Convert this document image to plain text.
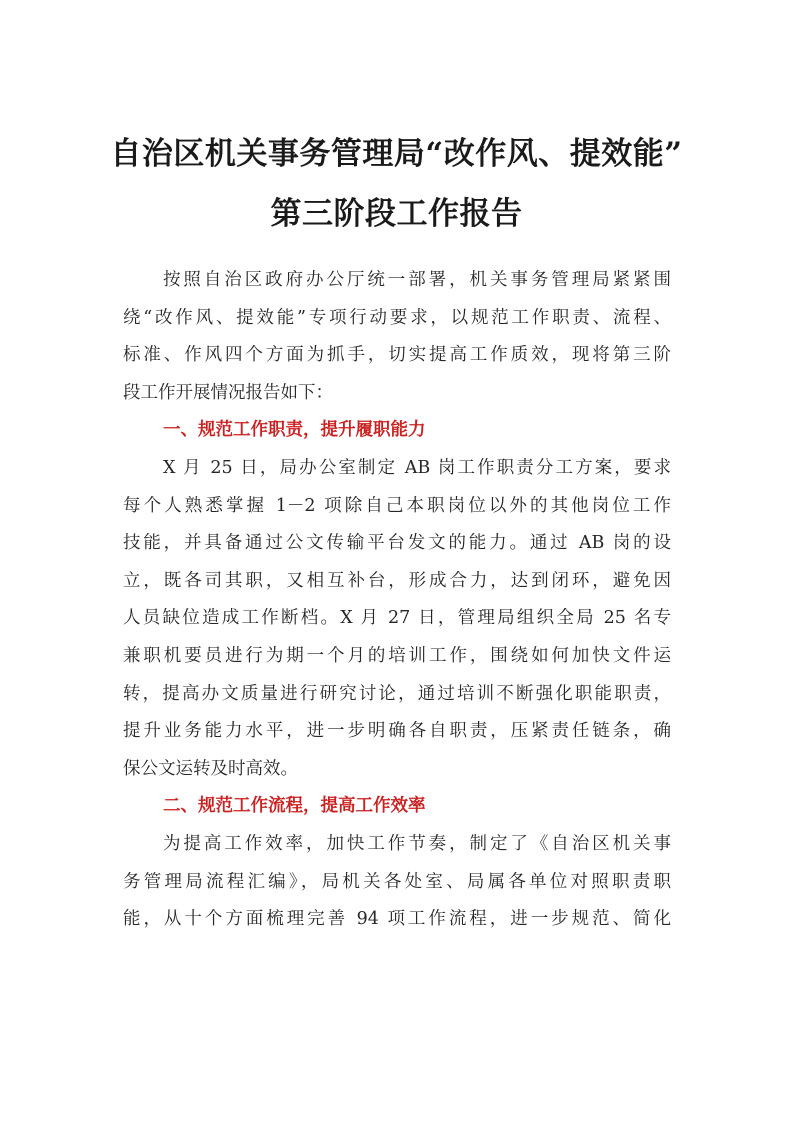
自治区机关事务管理局“改作风、提效能”
第三阶段工作报告
按照自治区政府办公厅统一部署，机关事务管理局紧紧围
绕“改作风、提效能”专项行动要求，以规范工作职责、流程、
标准、作风四个方面为抓手，切实提高工作质效，现将第三阶
段工作开展情况报告如下：
一、规范工作职责，提升履职能力
X 月 25 日，局办公室制定 AB 岗工作职责分工方案，要求
每个人熟悉掌握 1－2 项除自己本职岗位以外的其他岗位工作
技能，并具备通过公文传输平台发文的能力。通过 AB 岗的设
立，既各司其职，又相互补台，形成合力，达到闭环，避免因
人员缺位造成工作断档。X 月 27 日，管理局组织全局 25 名专
兼职机要员进行为期一个月的培训工作，围绕如何加快文件运
转，提高办文质量进行研究讨论，通过培训不断强化职能职责，
提升业务能力水平，进一步明确各自职责，压紧责任链条，确
保公文运转及时高效。
二、规范工作流程，提高工作效率
为提高工作效率，加快工作节奏，制定了《自治区机关事
务管理局流程汇编》，局机关各处室、局属各单位对照职责职
能，从十个方面梳理完善 94 项工作流程，进一步规范、简化
